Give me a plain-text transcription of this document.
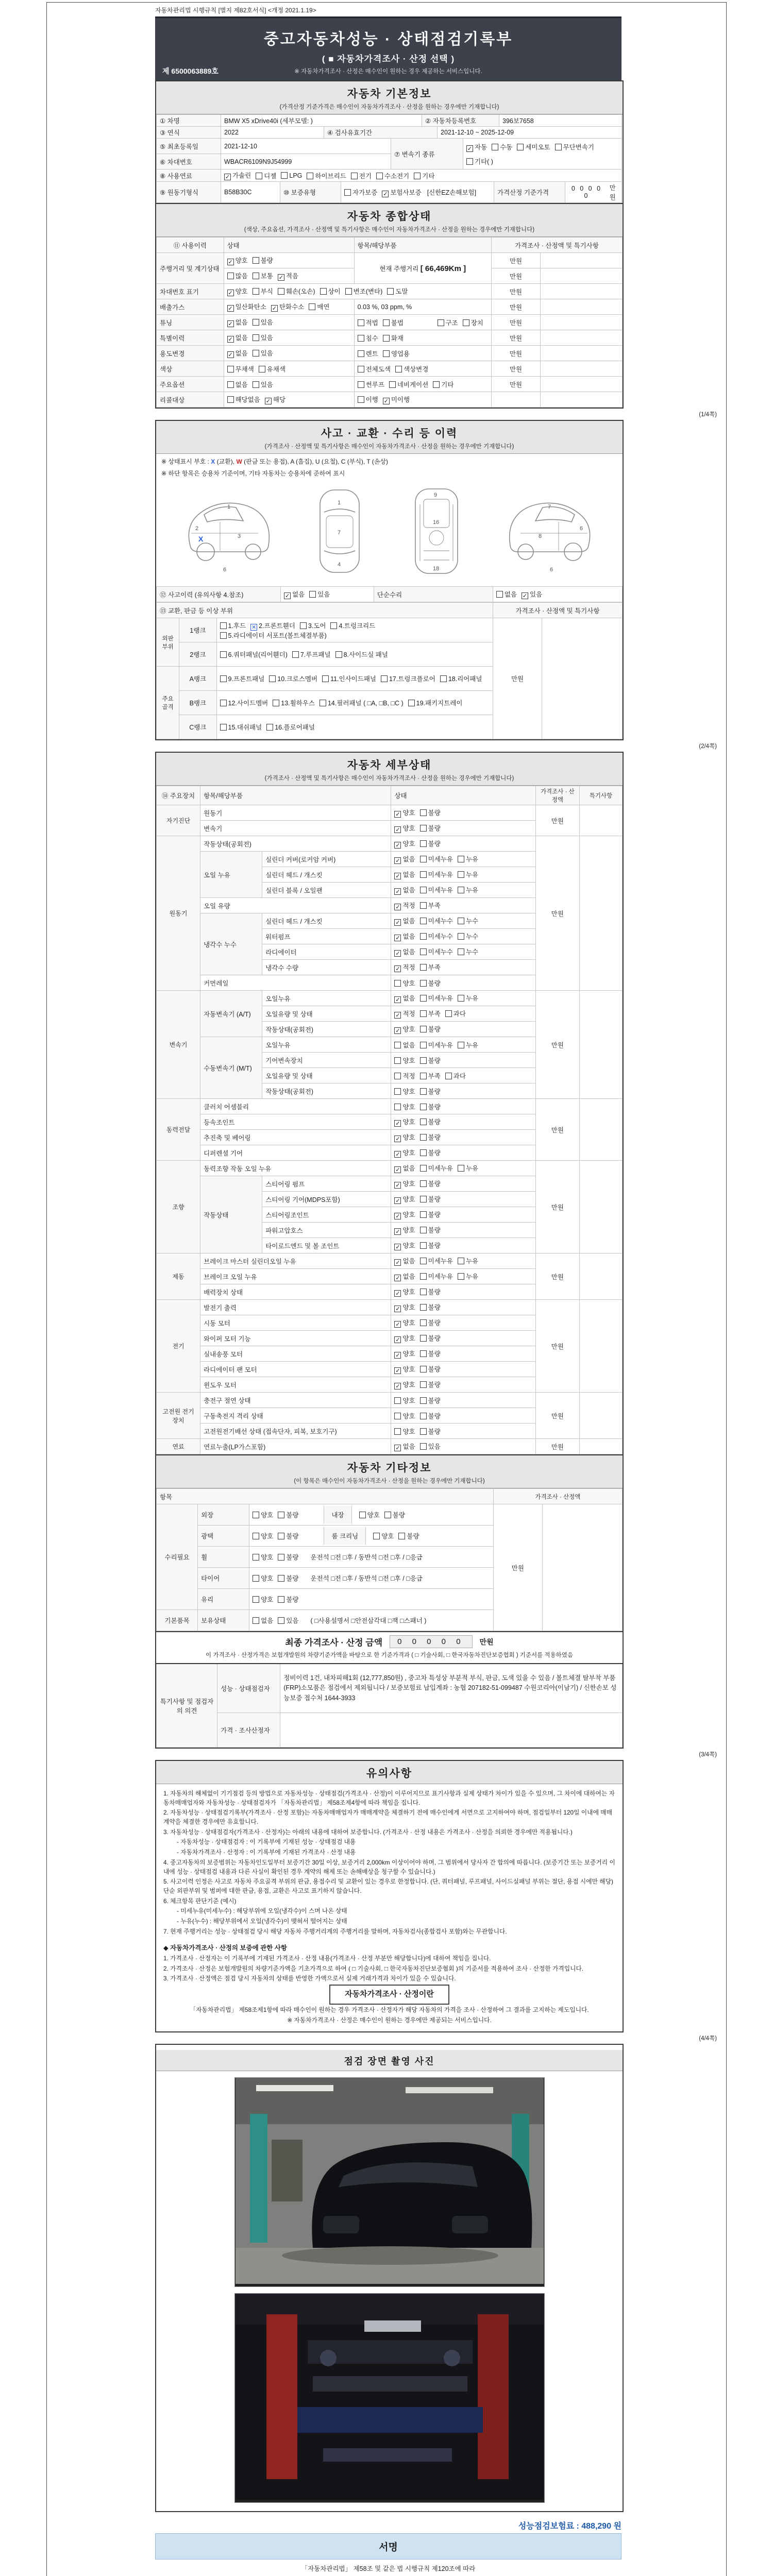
자동차관리법 시행규칙 [별지 제82호서식] <개정 2021.1.19>
제 6500063889호
중고자동차성능 · 상태점검기록부
( ■ 자동차가격조사 · 산정 선택 )
※ 자동차가격조사 · 산정은 매수인이 원하는 경우 제공하는 서비스입니다.
자동차 기본정보
(가격산정 기준가격은 매수인이 자동차가격조사 · 산정을 원하는 경우에만 기재합니다)
① 차명	BMW X5 xDrive40i (세부모델: )	② 자동차등록번호	396보7658
③ 연식	2022	④ 검사유효기간	2021-12-10 ~ 2025-12-09
⑤ 최초등록일	2021-12-10
⑥ 차대번호	WBACR6109N9J54999
⑦ 변속기 종류
✓자동	수동	세미오토	무단변속기
기타( )
⑧ 사용연료 ✓	가솔린	디젤	LPG	하이브리드	전기	수소전기	기타
⑨ 원동기형식	B58B30C	⑩ 보증유형	자가보증 ✓ 보험사보증 [신한EZ손해보험]	가격산정 기준가격
0 0 0 0 0

만원
자동차 종합상태
(색상, 주요옵션, 가격조사 · 산정액 및 특기사항은 매수인이 자동차가격조사 · 산정을 원하는 경우에만 기재합니다)
⑪ 사용이력	상태	항목/해당부품	가격조사 · 산정액 및 특기사항	
주행거리 및 계기상태	✓양호 불량	현재 주행거리 [ 66,469Km ]	만원	
	많음 보통 ✓ 적음		만원	
차대번호 표기	✓양호 부식 훼손(오손) 상이 변조(변타) 도말		만원	
배출가스	✓일산화탄소 ✓ 탄화수소 매연	0.03 %, 03 ppm, %	만원	
튜닝	✓없음 있음	적법 불법 구조 장치	만원	
특별이력	✓없음 있음	침수 화재	만원	
용도변경	✓없음 있음	렌트 영업용	만원	
색상	무채색 유채색	전체도색 색상변경	만원	
주요옵션	없음 있음	썬루프 네비게이션 기타	만원	
리콜대상	해당없음 ✓ 해당	이행 ✓ 미이행		
(1/4쪽)
사고 · 교환 · 수리 등 이력
(가격조사 · 산정액 및 특기사항은 매수인이 자동차가격조사 · 산정을 원하는 경우에만 기재합니다)
※ 상태표시 부호 : X (교환), W (판금 또는 용접), A (흠집), U (요철), C (부식), T (손상)
※ 하단 항목은 승용차 기준이며, 기타 자동차는 승용차에 준하여 표시
1
2
3
6
X
1
7
4
9
16
18
7
6
8
6
⑫ 사고이력 (유의사항 4.참조)	✓없음 있음	단순수리	없음 ✓ 있음
⑬ 교환, 판금 등 이상 부위			가격조사 · 산정액 및 특기사항	
외판부위	1랭크	1.후드 ✕ 2.프론트휀더 3.도어 4.트렁크리드5.라디에이터 서포트(볼트체결부품)	만원	
	2랭크	6.쿼터패널(리어휀더) 7.루프패널 8.사이드실 패널		
주요골격	A랭크	9.프론트패널 10.크로스멤버 11.인사이드패널 17.트렁크플로어 18.리어패널		
	B랭크	12.사이드멤버 13.휠하우스 14.필러패널 ( □A, □B, □C ) 19.패키지트레이		
	C랭크	15.대쉬패널 16.플로어패널		
(2/4쪽)
자동차 세부상태
(가격조사 · 산정액 및 특기사항은 매수인이 자동차가격조사 · 산정을 원하는 경우에만 기재합니다)
⑭ 주요장치	항목/해당부품		상태	가격조사 · 산정액	특기사항
자기진단	원동기	✓양호 불량	만원	
	변속기	✓양호 불량
원동기	작동상태(공회전)	✓양호 불량	만원	
	오일 누유	실린더 커버(로커암 커버)	✓없음 미세누유 누유
		실린더 헤드 / 개스킷	✓없음 미세누유 누유
		실린더 블록 / 오일팬	✓없음 미세누유 누유
	오일 유량	✓적정 부족
	냉각수 누수	실린더 헤드 / 개스킷	✓없음 미세누수 누수
		워터펌프	✓없음 미세누수 누수
		라디에이터	✓없음 미세누수 누수
		냉각수 수량	✓적정 부족
	커먼레일		양호 불량		
변속기	자동변속기 (A/T)	오일누유	✓없음 미세누유 누유	만원	
		오일유량 및 상태	✓적정 부족 과다
		작동상태(공회전)	✓양호 불량
	수동변속기 (M/T)	오일누유	없음 미세누유 누유		
		기어변속장치	양호 불량		
		오일유량 및 상태	적정 부족 과다		
		작동상태(공회전)	양호 불량		
동력전달	클러치 어셈블리		양호 불량	만원	
	등속조인트	✓양호 불량
	추진축 및 베어링	✓양호 불량
	디퍼렌셜 기어	✓양호 불량
조향	동력조향 작동 오일 누유	✓없음 미세누유 누유	만원	
	작동상태	스티어링 펌프	✓양호 불량
		스티어링 기어(MDPS포함)	✓양호 불량
		스티어링조인트	✓양호 불량
		파워고압호스	✓양호 불량
		타이로드엔드 및 볼 조인트	✓양호 불량
제동	브레이크 마스터 실린더오일 누유	✓없음 미세누유 누유	만원	
	브레이크 오일 누유	✓없음 미세누유 누유
	배력장치 상태	✓양호 불량
전기	발전기 출력	✓양호 불량	만원	
	시동 모터	✓양호 불량
	와이퍼 모터 기능	✓양호 불량
	실내송풍 모터	✓양호 불량
	라디에이터 팬 모터	✓양호 불량
	윈도우 모터	✓양호 불량
고전원 전기장치	충전구 절연 상태		양호 불량	만원	
	구동축전지 격리 상태		양호 불량		
	고전원전기배선 상태 (접속단자, 피복, 보호기구)		양호 불량		
연료	연료누출(LP가스포함)	✓없음 있음	만원	
자동차 기타정보
(이 항목은 매수인이 자동차가격조사 · 산정을 원하는 경우에만 기재합니다)
항목			가격조사 · 산정액	
수리필요	외장	양호 불량 내장 양호 불량	만원	
	광택	양호 불량 룸 크리닝 양호 불량		

	휠	양호 불량 운전석 □전 □후 / 동반석 □전 □후 / □응급		

	타이어	양호 불량 운전석 □전 □후 / 동반석 □전 □후 / □응급		

	유리	양호 불량		

기본품목	보유상태	없음 있음 ( □사용설명서 □안전삼각대 □잭 □스패너 )		
최종 가격조사 · 산정 금액	0 0 0 0 0	만원
이 가격조사 · 산정가격은 보험개발원의 차량기준가액을 바탕으로 한 기준가격과 ( □ 기술사회, □ 한국자동차진단보증협회 ) 기준서를 적용하였음
특기사항 및 점검자의 의견	성능 · 상태점검자	정비이력 1건, 내차피해1회 (12,777,850원) , 중고차 특성상 부분적 부식, 판금, 도색 있을 수 있음 / 볼트체결 탈부착 부품(FRP)소모품은 점검에서 제외됩니다 / 보증보험료 납입계좌 : 농협 207182-51-099487 수원코리아(이남기) / 신한손보 성능보증 접수처 1644-3933
	가격 · 조사산정자	
(3/4쪽)
유의사항
1. 자동차의 해체없이 기기점검 등의 방법으로 자동차성능 · 상태점검(가격조사 · 산정)이 이루어지므로 표기사항과 실제 상태가 차이가 있을 수 있으며, 그 차이에 대하여는 자동차매매업자와 자동차성능 · 상태점검자가 「자동차관리법」 제58조제4항에 따라 책임을 집니다.
2. 자동차성능 · 상태점검기록부(가격조사 · 산정 포함)는 자동차매매업자가 매매계약을 체결하기 전에 매수인에게 서면으로 고지하여야 하며, 점검일부터 120일 이내에 매매계약을 체결한 경우에만 유효합니다.
3. 자동차성능 · 상태점검자(가격조사 · 산정자)는 아래의 내용에 대하여 보증합니다. (가격조사 · 산정 내용은 가격조사 · 산정을 의뢰한 경우에만 적용됩니다.)
- 자동차성능 · 상태점검자 : 이 기록부에 기재된 성능 · 상태점검 내용
- 자동차가격조사 · 산정자 : 이 기록부에 기재된 가격조사 · 산정 내용
4. 중고자동차의 보증범위는 자동차인도일부터 보증기간 30일 이상, 보증거리 2,000km 이상이어야 하며, 그 범위에서 당사자 간 합의에 따릅니다. (보증기간 또는 보증거리 이내에 성능 · 상태점검 내용과 다른 사실이 확인된 경우 계약의 해제 또는 손해배상을 청구할 수 있습니다.)
5. 사고이력 인정은 사고로 자동차 주요골격 부위의 판금, 용접수리 및 교환이 있는 경우로 한정합니다. (단, 쿼터패널, 루프패널, 사이드실패널 부위는 절단, 용접 시에만 해당) 단순 외판부위 및 범퍼에 대한 판금, 용접, 교환은 사고로 표기하지 않습니다.
6. 체크항목 판단기준 (예시)
- 미세누유(미세누수) : 해당부위에 오일(냉각수)이 스며 나온 상태
- 누유(누수) : 해당부위에서 오일(냉각수)이 맺혀서 떨어지는 상태
7. 현재 주행거리는 성능 · 상태점검 당시 해당 자동차 주행거리계의 주행거리를 말하며, 자동차검사(종합검사 포함)와는 무관합니다.
◆ 자동차가격조사 · 산정의 보증에 관한 사항
1. 가격조사 · 산정자는 이 기록부에 기재된 가격조사 · 산정 내용(가격조사 · 산정 부분만 해당합니다)에 대하여 책임을 집니다.
2. 가격조사 · 산정은 보험개발원의 차량기준가액을 기초가격으로 하여 ( □ 기술사회, □ 한국자동차진단보증협회 )의 기준서를 적용하여 조사 · 산정한 가격입니다.
3. 가격조사 · 산정액은 점검 당시 자동차의 상태를 반영한 가액으로서 실제 거래가격과 차이가 있을 수 있습니다.
자동차가격조사 · 산정이란
「자동차관리법」 제58조제1항에 따라 매수인이 원하는 경우 가격조사 · 산정자가 해당 자동차의 가격을 조사 · 산정하여 그 결과를 고지하는 제도입니다.
※ 자동차가격조사 · 산정은 매수인이 원하는 경우에만 제공되는 서비스입니다.
(4/4쪽)
점검 장면 촬영 사진
성능점검보험료 : 488,290 원
서명
「자동차관리법」 제58조 및 같은 법 시행규칙 제120조에 따라
